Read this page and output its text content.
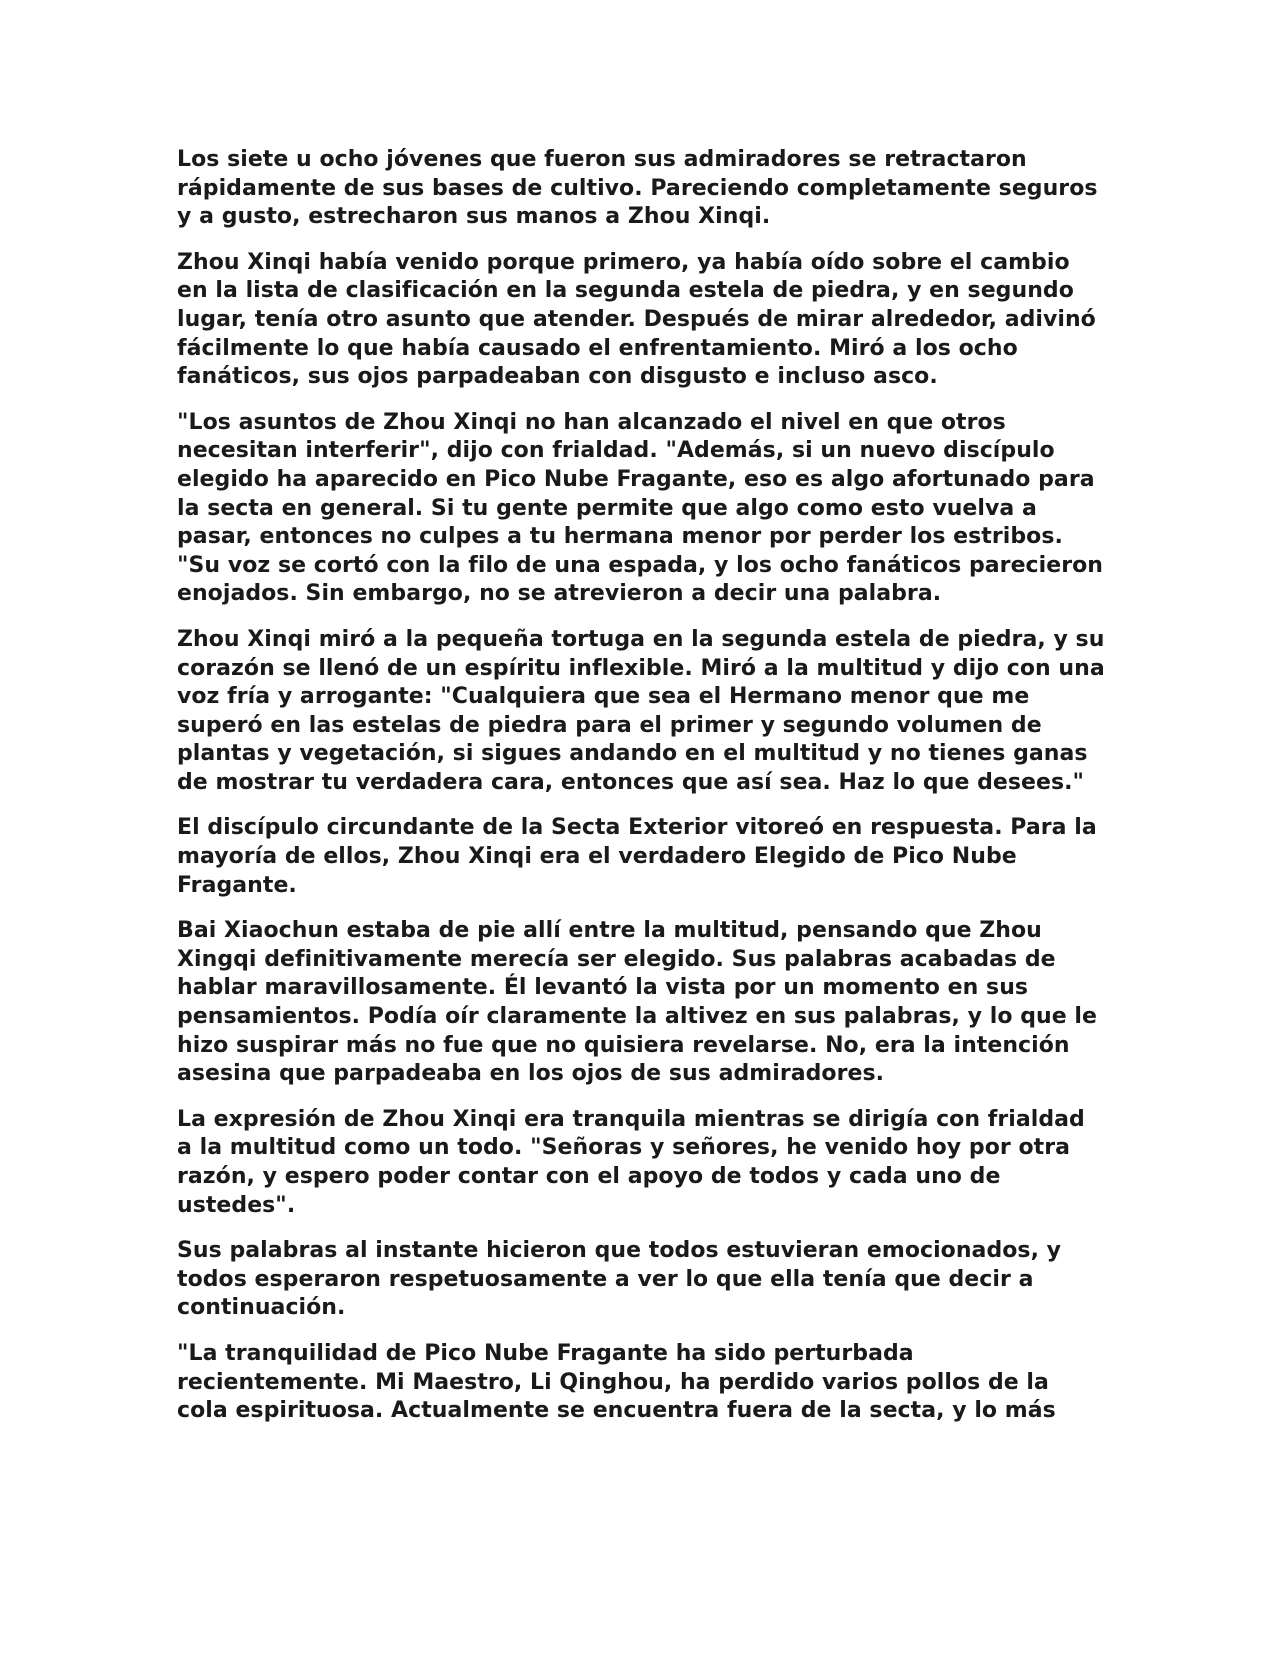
Los siete u ocho jóvenes que fueron sus admiradores se retractaron rápidamente de sus bases de cultivo. Pareciendo completamente seguros y a gusto, estrecharon sus manos a Zhou Xinqi.

Zhou Xinqi había venido porque primero, ya había oído sobre el cambio en la lista de clasificación en la segunda estela de piedra, y en segundo lugar, tenía otro asunto que atender. Después de mirar alrededor, adivinó fácilmente lo que había causado el enfrentamiento. Miró a los ocho fanáticos, sus ojos parpadeaban con disgusto e incluso asco.

"Los asuntos de Zhou Xinqi no han alcanzado el nivel en que otros necesitan interferir", dijo con frialdad. "Además, si un nuevo discípulo elegido ha aparecido en Pico Nube Fragante, eso es algo afortunado para la secta en general. Si tu gente permite que algo como esto vuelva a pasar, entonces no culpes a tu hermana menor por perder los estribos. "Su voz se cortó con la filo de una espada, y los ocho fanáticos parecieron enojados. Sin embargo, no se atrevieron a decir una palabra.

Zhou Xinqi miró a la pequeña tortuga en la segunda estela de piedra, y su corazón se llenó de un espíritu inflexible. Miró a la multitud y dijo con una voz fría y arrogante: "Cualquiera que sea el Hermano menor que me superó en las estelas de piedra para el primer y segundo volumen de plantas y vegetación, si sigues andando en el multitud y no tienes ganas de mostrar tu verdadera cara, entonces que así sea. Haz lo que desees."

El discípulo circundante de la Secta Exterior vitoreó en respuesta. Para la mayoría de ellos, Zhou Xinqi era el verdadero Elegido de Pico Nube Fragante.

Bai Xiaochun estaba de pie allí entre la multitud, pensando que Zhou Xingqi definitivamente merecía ser elegido. Sus palabras acabadas de hablar maravillosamente. Él levantó la vista por un momento en sus pensamientos. Podía oír claramente la altivez en sus palabras, y lo que le hizo suspirar más no fue que no quisiera revelarse. No, era la intención asesina que parpadeaba en los ojos de sus admiradores.

La expresión de Zhou Xinqi era tranquila mientras se dirigía con frialdad a la multitud como un todo. "Señoras y señores, he venido hoy por otra razón, y espero poder contar con el apoyo de todos y cada uno de ustedes".

Sus palabras al instante hicieron que todos estuvieran emocionados, y todos esperaron respetuosamente a ver lo que ella tenía que decir a continuación.

"La tranquilidad de Pico Nube Fragante ha sido perturbada recientemente. Mi Maestro, Li Qinghou, ha perdido varios pollos de la cola espirituosa. Actualmente se encuentra fuera de la secta, y lo más
